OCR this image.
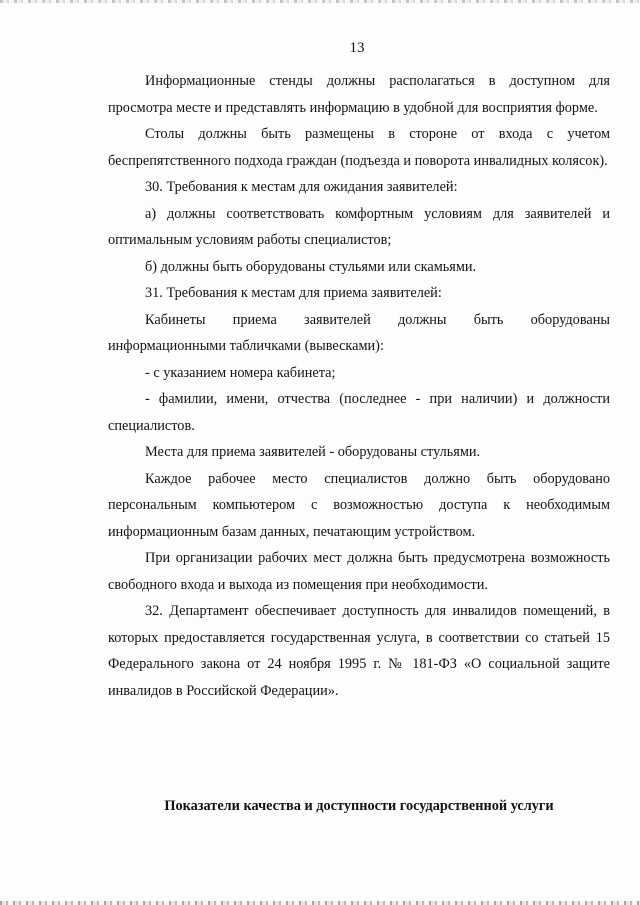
13

Информационные стенды должны располагаться в доступном для просмотра месте и представлять информацию в удобной для восприятия форме.

Столы должны быть размещены в стороне от входа с учетом беспрепятственного подхода граждан (подъезда и поворота инвалидных колясок).

30. Требования к местам для ожидания заявителей:

а) должны соответствовать комфортным условиям для заявителей и оптимальным условиям работы специалистов;

б) должны быть оборудованы стульями или скамьями.

31. Требования к местам для приема заявителей:

Кабинеты приема заявителей должны быть оборудованы информационными табличками (вывесками):

- с указанием номера кабинета;

- фамилии, имени, отчества (последнее - при наличии) и должности специалистов.

Места для приема заявителей - оборудованы стульями.

Каждое рабочее место специалистов должно быть оборудовано персональным компьютером с возможностью доступа к необходимым информационным базам данных, печатающим устройством.

При организации рабочих мест должна быть предусмотрена возможность свободного входа и выхода из помещения при необходимости.

32. Департамент обеспечивает доступность для инвалидов помещений, в которых предоставляется государственная услуга, в соответствии со статьей 15 Федерального закона от 24 ноября 1995 г. № 181-ФЗ «О социальной защите инвалидов в Российской Федерации».

Показатели качества и доступности государственной услуги
